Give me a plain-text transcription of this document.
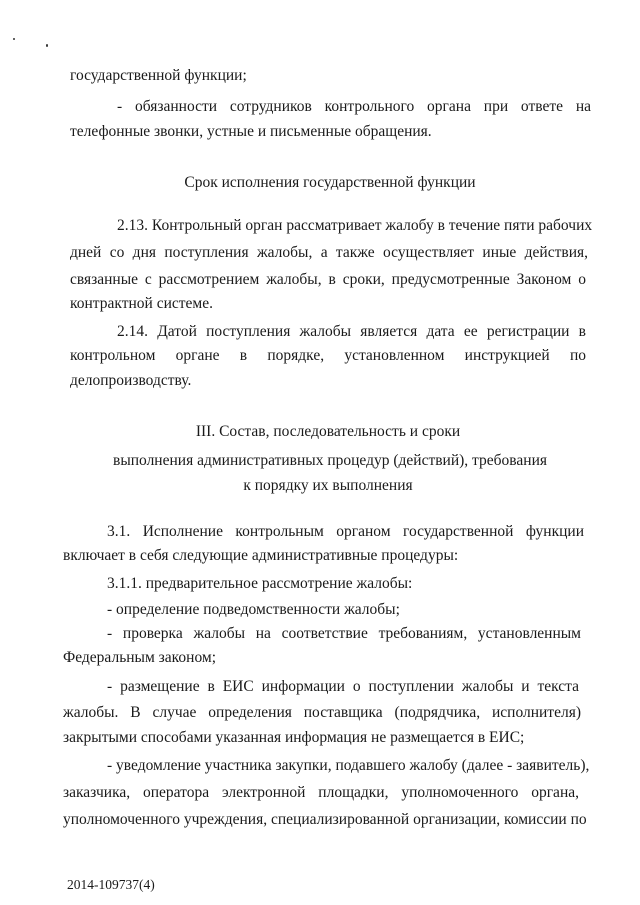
государственной функции;
- обязанности сотрудников контрольного органа при ответе на
телефонные звонки, устные и письменные обращения.
Срок исполнения государственной функции
2.13. Контрольный орган рассматривает жалобу в течение пяти рабочих
дней со дня поступления жалобы, а также осуществляет иные действия,
связанные с рассмотрением жалобы, в сроки, предусмотренные Законом о
контрактной системе.
2.14. Датой поступления жалобы является дата ее регистрации в
контрольном органе в порядке, установленном инструкцией по
делопроизводству.
III. Состав, последовательность и сроки
выполнения административных процедур (действий), требования
к порядку их выполнения
3.1. Исполнение контрольным органом государственной функции
включает в себя следующие административные процедуры:
3.1.1. предварительное рассмотрение жалобы:
- определение подведомственности жалобы;
- проверка жалобы на соответствие требованиям, установленным
Федеральным законом;
- размещение в ЕИС информации о поступлении жалобы и текста
жалобы. В случае определения поставщика (подрядчика, исполнителя)
закрытыми способами указанная информация не размещается в ЕИС;
- уведомление участника закупки, подавшего жалобу (далее - заявитель),
заказчика, оператора электронной площадки, уполномоченного органа,
уполномоченного учреждения, специализированной организации, комиссии по
2014-109737(4)
